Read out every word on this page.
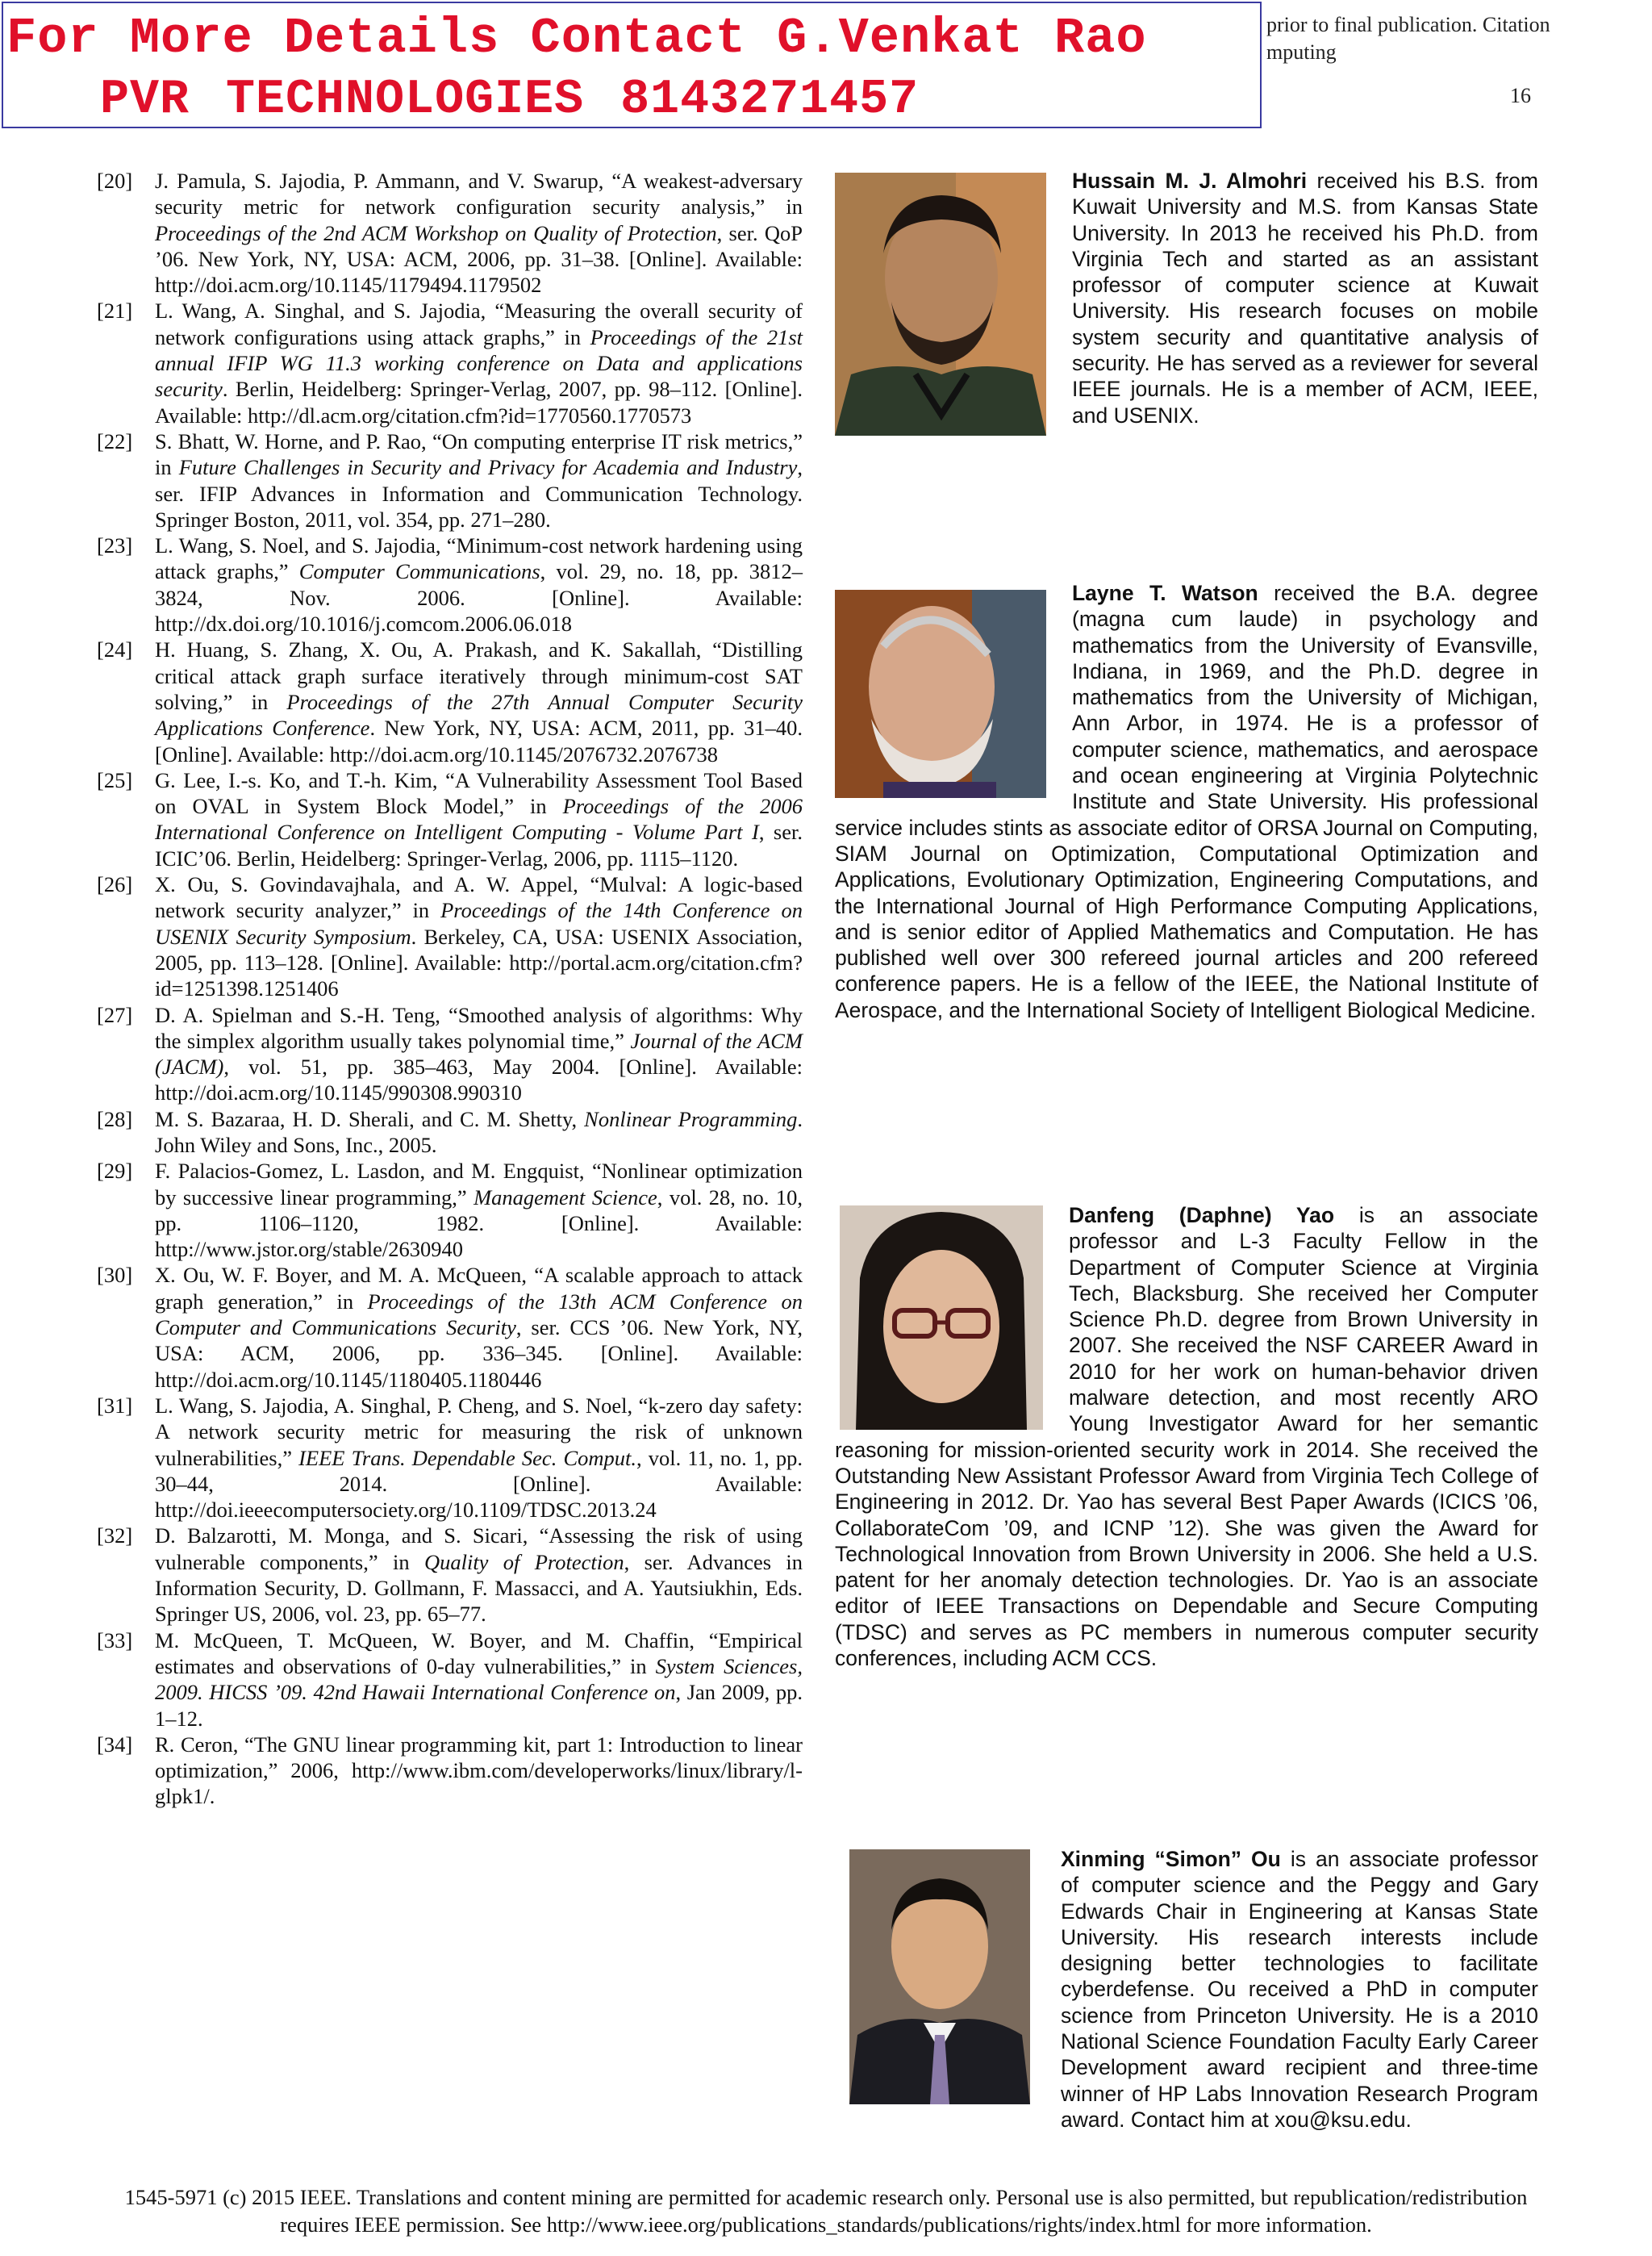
For More Details Contact G.Venkat Rao
PVR TECHNOLOGIES 8143271457
prior to final publication. Citation
mputing
16
[20]	J. Pamula, S. Jajodia, P. Ammann, and V. Swarup, “A weakest-adversary security metric for network configuration security analysis,” in Proceedings of the 2nd ACM Workshop on Quality of Protection, ser. QoP ’06. New York, NY, USA: ACM, 2006, pp. 31–38. [Online]. Available: http://doi.acm.org/10.1145/1179494.1179502
[21]	L. Wang, A. Singhal, and S. Jajodia, “Measuring the overall security of network configurations using attack graphs,” in Proceedings of the 21st annual IFIP WG 11.3 working conference on Data and applications security. Berlin, Heidelberg: Springer-Verlag, 2007, pp. 98–112. [Online]. Available: http://dl.acm.org/citation.cfm?id=1770560.1770573
[22]	S. Bhatt, W. Horne, and P. Rao, “On computing enterprise IT risk metrics,” in Future Challenges in Security and Privacy for Academia and Industry, ser. IFIP Advances in Information and Communication Technology. Springer Boston, 2011, vol. 354, pp. 271–280.
[23]	L. Wang, S. Noel, and S. Jajodia, “Minimum-cost network hardening using attack graphs,” Computer Communications, vol. 29, no. 18, pp. 3812–3824, Nov. 2006. [Online]. Available: http://dx.doi.org/10.1016/j.comcom.2006.06.018
[24]	H. Huang, S. Zhang, X. Ou, A. Prakash, and K. Sakallah, “Distilling critical attack graph surface iteratively through minimum-cost SAT solving,” in Proceedings of the 27th Annual Computer Security Applications Conference. New York, NY, USA: ACM, 2011, pp. 31–40. [Online]. Available: http://doi.acm.org/10.1145/2076732.2076738
[25]	G. Lee, I.-s. Ko, and T.-h. Kim, “A Vulnerability Assessment Tool Based on OVAL in System Block Model,” in Proceedings of the 2006 International Conference on Intelligent Computing - Volume Part I, ser. ICIC’06. Berlin, Heidelberg: Springer-Verlag, 2006, pp. 1115–1120.
[26]	X. Ou, S. Govindavajhala, and A. W. Appel, “Mulval: A logic-based network security analyzer,” in Proceedings of the 14th Conference on USENIX Security Symposium. Berkeley, CA, USA: USENIX Association, 2005, pp. 113–128. [Online]. Available: http://portal.acm.org/citation.cfm?id=1251398.1251406
[27]	D. A. Spielman and S.-H. Teng, “Smoothed analysis of algorithms: Why the simplex algorithm usually takes polynomial time,” Journal of the ACM (JACM), vol. 51, pp. 385–463, May 2004. [Online]. Available: http://doi.acm.org/10.1145/990308.990310
[28]	M. S. Bazaraa, H. D. Sherali, and C. M. Shetty, Nonlinear Programming. John Wiley and Sons, Inc., 2005.
[29]	F. Palacios-Gomez, L. Lasdon, and M. Engquist, “Nonlinear optimization by successive linear programming,” Management Science, vol. 28, no. 10, pp. 1106–1120, 1982. [Online]. Available: http://www.jstor.org/stable/2630940
[30]	X. Ou, W. F. Boyer, and M. A. McQueen, “A scalable approach to attack graph generation,” in Proceedings of the 13th ACM Conference on Computer and Communications Security, ser. CCS ’06. New York, NY, USA: ACM, 2006, pp. 336–345. [Online]. Available: http://doi.acm.org/10.1145/1180405.1180446
[31]	L. Wang, S. Jajodia, A. Singhal, P. Cheng, and S. Noel, “k-zero day safety: A network security metric for measuring the risk of unknown vulnerabilities,” IEEE Trans. Dependable Sec. Comput., vol. 11, no. 1, pp. 30–44, 2014. [Online]. Available: http://doi.ieeecomputersociety.org/10.1109/TDSC.2013.24
[32]	D. Balzarotti, M. Monga, and S. Sicari, “Assessing the risk of using vulnerable components,” in Quality of Protection, ser. Advances in Information Security, D. Gollmann, F. Massacci, and A. Yautsiukhin, Eds. Springer US, 2006, vol. 23, pp. 65–77.
[33]	M. McQueen, T. McQueen, W. Boyer, and M. Chaffin, “Empirical estimates and observations of 0-day vulnerabilities,” in System Sciences, 2009. HICSS ’09. 42nd Hawaii International Conference on, Jan 2009, pp. 1–12.
[34]	R. Ceron, “The GNU linear programming kit, part 1: Introduction to linear optimization,” 2006, http://www.ibm.com/developerworks/linux/library/l-glpk1/.
Hussain M. J. Almohri received his B.S. from Kuwait University and M.S. from Kansas State University. In 2013 he received his Ph.D. from Virginia Tech and started as an assistant professor of computer science at Kuwait University. His research focuses on mobile system security and quantitative analysis of security. He has served as a reviewer for several IEEE journals. He is a member of ACM, IEEE, and USENIX.
Layne T. Watson received the B.A. degree (magna cum laude) in psychology and mathematics from the University of Evansville, Indiana, in 1969, and the Ph.D. degree in mathematics from the University of Michigan, Ann Arbor, in 1974. He is a professor of computer science, mathematics, and aerospace and ocean engineering at Virginia Polytechnic Institute and State University. His professional service includes stints as associate editor of ORSA Journal on Computing, SIAM Journal on Optimization, Computational Optimization and Applications, Evolutionary Optimization, Engineering Computations, and the International Journal of High Performance Computing Applications, and is senior editor of Applied Mathematics and Computation. He has published well over 300 refereed journal articles and 200 refereed conference papers. He is a fellow of the IEEE, the National Institute of Aerospace, and the International Society of Intelligent Biological Medicine.
Danfeng (Daphne) Yao is an associate professor and L-3 Faculty Fellow in the Department of Computer Science at Virginia Tech, Blacksburg. She received her Computer Science Ph.D. degree from Brown University in 2007. She received the NSF CAREER Award in 2010 for her work on human-behavior driven malware detection, and most recently ARO Young Investigator Award for her semantic reasoning for mission-oriented security work in 2014. She received the Outstanding New Assistant Professor Award from Virginia Tech College of Engineering in 2012. Dr. Yao has several Best Paper Awards (ICICS ’06, CollaborateCom ’09, and ICNP ’12). She was given the Award for Technological Innovation from Brown University in 2006. She held a U.S. patent for her anomaly detection technologies. Dr. Yao is an associate editor of IEEE Transactions on Dependable and Secure Computing (TDSC) and serves as PC members in numerous computer security conferences, including ACM CCS.
Xinming “Simon” Ou is an associate professor of computer science and the Peggy and Gary Edwards Chair in Engineering at Kansas State University. His research interests include designing better technologies to facilitate cyberdefense. Ou received a PhD in computer science from Princeton University. He is a 2010 National Science Foundation Faculty Early Career Development award recipient and three-time winner of HP Labs Innovation Research Program award. Contact him at xou@ksu.edu.
1545-5971 (c) 2015 IEEE. Translations and content mining are permitted for academic research only. Personal use is also permitted, but republication/redistribution
requires IEEE permission. See http://www.ieee.org/publications_standards/publications/rights/index.html for more information.
